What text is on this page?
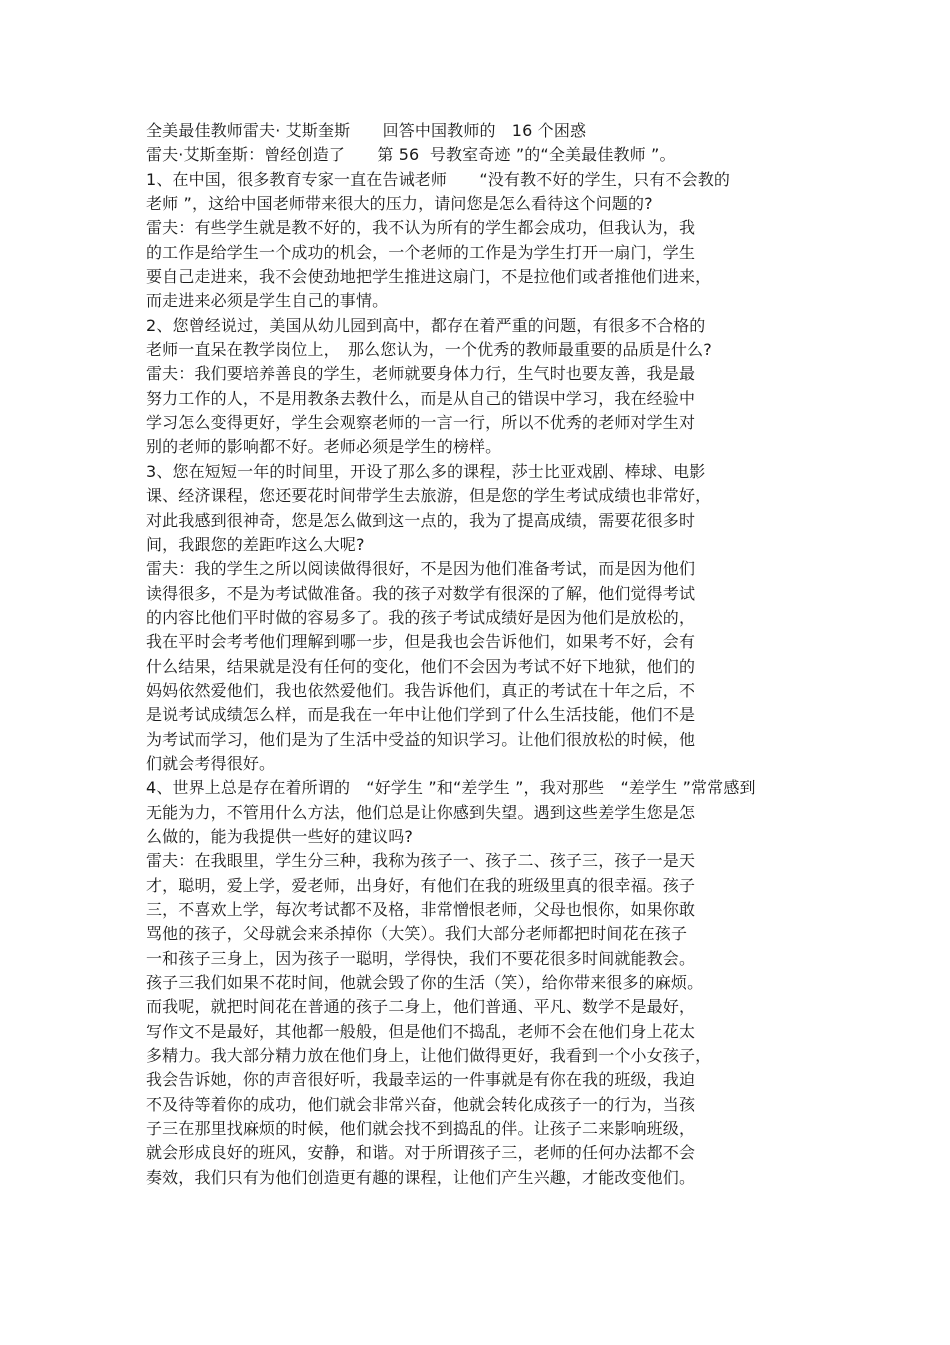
全美最佳教师雷夫· 艾斯奎斯　　回答中国教师的　16 个困惑
雷夫·艾斯奎斯：曾经创造了　　第 56  号教室奇迹 ”的“全美最佳教师 ”。
1、在中国，很多教育专家一直在告诫老师　　“没有教不好的学生，只有不会教的
老师 ”，这给中国老师带来很大的压力，请问您是怎么看待这个问题的?
雷夫：有些学生就是教不好的，我不认为所有的学生都会成功，但我认为，我
的工作是给学生一个成功的机会，一个老师的工作是为学生打开一扇门，学生
要自己走进来，我不会使劲地把学生推进这扇门，不是拉他们或者推他们进来，
而走进来必须是学生自己的事情。
2、您曾经说过，美国从幼儿园到高中，都存在着严重的问题，有很多不合格的
老师一直呆在教学岗位上，　那么您认为，一个优秀的教师最重要的品质是什么?
雷夫：我们要培养善良的学生，老师就要身体力行，生气时也要友善，我是最
努力工作的人，不是用教条去教什么，而是从自己的错误中学习，我在经验中
学习怎么变得更好，学生会观察老师的一言一行，所以不优秀的老师对学生对
别的老师的影响都不好。老师必须是学生的榜样。
3、您在短短一年的时间里，开设了那么多的课程，莎士比亚戏剧、棒球、电影
课、经济课程，您还要花时间带学生去旅游，但是您的学生考试成绩也非常好，
对此我感到很神奇，您是怎么做到这一点的，我为了提高成绩，需要花很多时
间，我跟您的差距咋这么大呢?
雷夫：我的学生之所以阅读做得很好，不是因为他们准备考试，而是因为他们
读得很多，不是为考试做准备。我的孩子对数学有很深的了解，他们觉得考试
的内容比他们平时做的容易多了。我的孩子考试成绩好是因为他们是放松的，
我在平时会考考他们理解到哪一步，但是我也会告诉他们，如果考不好，会有
什么结果，结果就是没有任何的变化，他们不会因为考试不好下地狱，他们的
妈妈依然爱他们，我也依然爱他们。我告诉他们，真正的考试在十年之后，不
是说考试成绩怎么样，而是我在一年中让他们学到了什么生活技能，他们不是
为考试而学习，他们是为了生活中受益的知识学习。让他们很放松的时候，他
们就会考得很好。
4、世界上总是存在着所谓的　“好学生 ”和“差学生 ”，我对那些　“差学生 ”常常感到
无能为力，不管用什么方法，他们总是让你感到失望。遇到这些差学生您是怎
么做的，能为我提供一些好的建议吗?
雷夫：在我眼里，学生分三种，我称为孩子一、孩子二、孩子三，孩子一是天
才，聪明，爱上学，爱老师，出身好，有他们在我的班级里真的很幸福。孩子
三，不喜欢上学，每次考试都不及格，非常憎恨老师，父母也恨你，如果你敢
骂他的孩子，父母就会来杀掉你（大笑）。我们大部分老师都把时间花在孩子
一和孩子三身上，因为孩子一聪明，学得快，我们不要花很多时间就能教会。
孩子三我们如果不花时间，他就会毁了你的生活（笑），给你带来很多的麻烦。
而我呢，就把时间花在普通的孩子二身上，他们普通、平凡、数学不是最好，
写作文不是最好，其他都一般般，但是他们不捣乱，老师不会在他们身上花太
多精力。我大部分精力放在他们身上，让他们做得更好，我看到一个小女孩子，
我会告诉她，你的声音很好听，我最幸运的一件事就是有你在我的班级，我迫
不及待等着你的成功，他们就会非常兴奋，他就会转化成孩子一的行为，当孩
子三在那里找麻烦的时候，他们就会找不到捣乱的伴。让孩子二来影响班级，
就会形成良好的班风，安静，和谐。对于所谓孩子三，老师的任何办法都不会
奏效，我们只有为他们创造更有趣的课程，让他们产生兴趣，才能改变他们。
